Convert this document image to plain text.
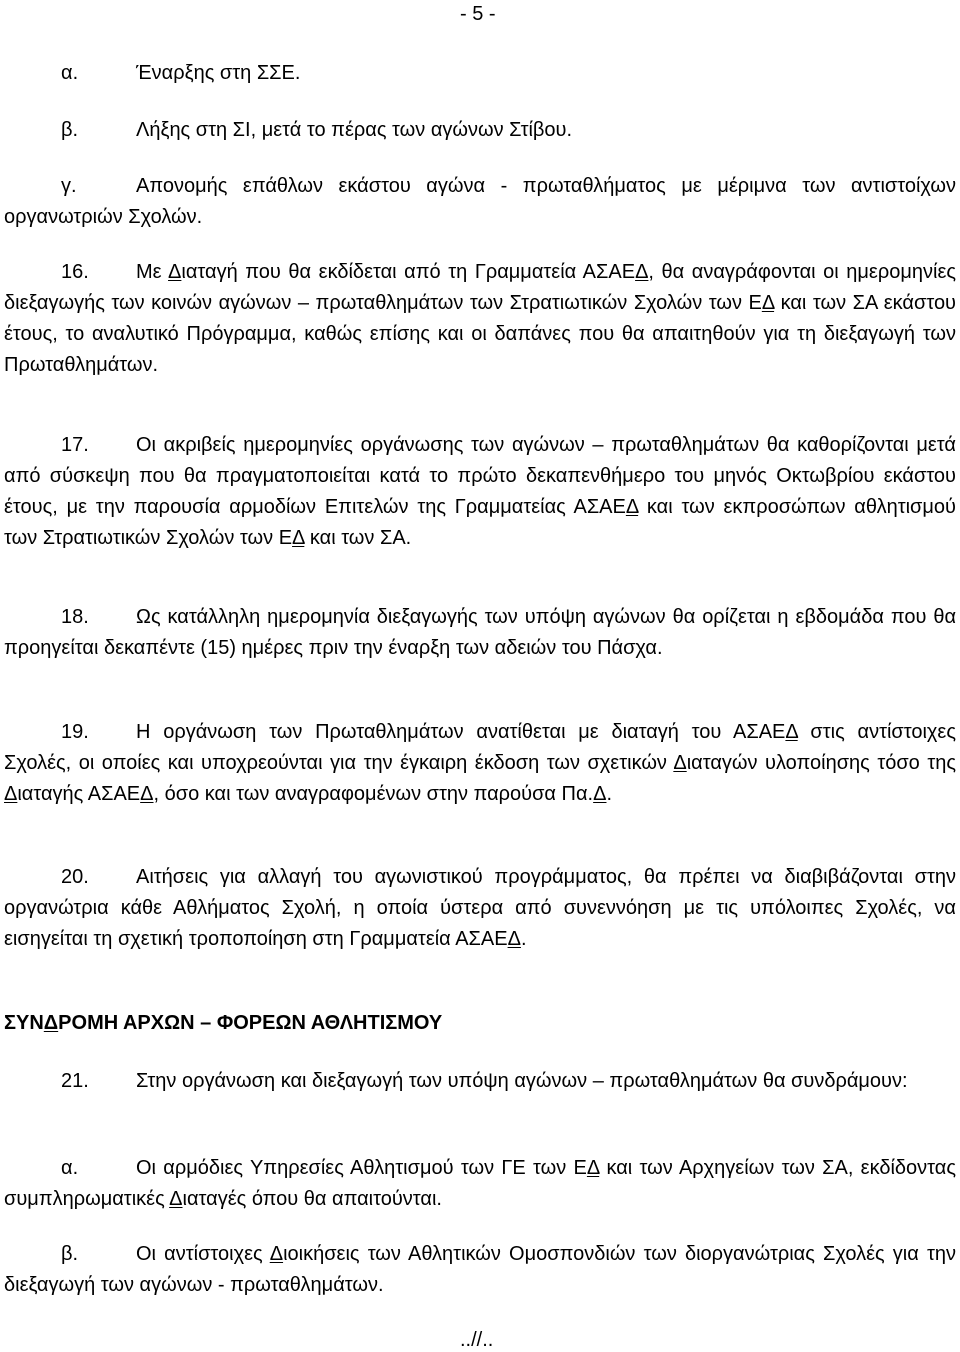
- 5 -
α.	Έναρξης στη ΣΣΕ.
β.	Λήξης στη ΣΙ, μετά το πέρας των αγώνων Στίβου.
γ.	Απονομής επάθλων εκάστου αγώνα - πρωταθλήματος με μέριμνα των αντιστοίχων οργανωτριών Σχολών.
16. Με Διαταγή που θα εκδίδεται από τη Γραμματεία ΑΣΑΕΔ, θα αναγράφονται οι ημερομηνίες διεξαγωγής των κοινών αγώνων – πρωταθλημάτων των Στρατιωτικών Σχολών των ΕΔ και των ΣΑ εκάστου έτους, το αναλυτικό Πρόγραμμα, καθώς επίσης και οι δαπάνες που θα απαιτηθούν για τη διεξαγωγή των Πρωταθλημάτων.
17. Οι ακριβείς ημερομηνίες οργάνωσης των αγώνων – πρωταθλημάτων θα καθορίζονται μετά από σύσκεψη που θα πραγματοποιείται κατά το πρώτο δεκαπενθήμερο του μηνός Οκτωβρίου εκάστου έτους, με την παρουσία αρμοδίων Επιτελών της Γραμματείας ΑΣΑΕΔ και των εκπροσώπων αθλητισμού των Στρατιωτικών Σχολών των ΕΔ και των ΣΑ.
18. Ως κατάλληλη ημερομηνία διεξαγωγής των υπόψη αγώνων θα ορίζεται η εβδομάδα που θα προηγείται δεκαπέντε (15) ημέρες πριν την έναρξη των αδειών του Πάσχα.
19. Η οργάνωση των Πρωταθλημάτων ανατίθεται με διαταγή του ΑΣΑΕΔ στις αντίστοιχες Σχολές, οι οποίες και υποχρεούνται για την έγκαιρη έκδοση των σχετικών Διαταγών υλοποίησης τόσο της Διαταγής ΑΣΑΕΔ, όσο και των αναγραφομένων στην παρούσα Πα.Δ.
20. Αιτήσεις για αλλαγή του αγωνιστικού προγράμματος, θα πρέπει να διαβιβάζονται στην οργανώτρια κάθε Αθλήματος Σχολή, η οποία ύστερα από συνεννόηση με τις υπόλοιπες Σχολές, να εισηγείται τη σχετική τροποποίηση στη Γραμματεία ΑΣΑΕΔ.
ΣΥΝΔΡΟΜΗ ΑΡΧΩΝ – ΦΟΡΕΩΝ ΑΘΛΗΤΙΣΜΟΥ
21. Στην οργάνωση και διεξαγωγή των υπόψη αγώνων – πρωταθλημάτων θα συνδράμουν:
α.	Οι αρμόδιες Υπηρεσίες Αθλητισμού των ΓΕ των ΕΔ και των Αρχηγείων των ΣΑ, εκδίδοντας συμπληρωματικές Διαταγές όπου θα απαιτούνται.
β.	Οι αντίστοιχες Διοικήσεις των Αθλητικών Ομοσπονδιών των διοργανώτριας Σχολές για την διεξαγωγή των αγώνων - πρωταθλημάτων.
..//..
